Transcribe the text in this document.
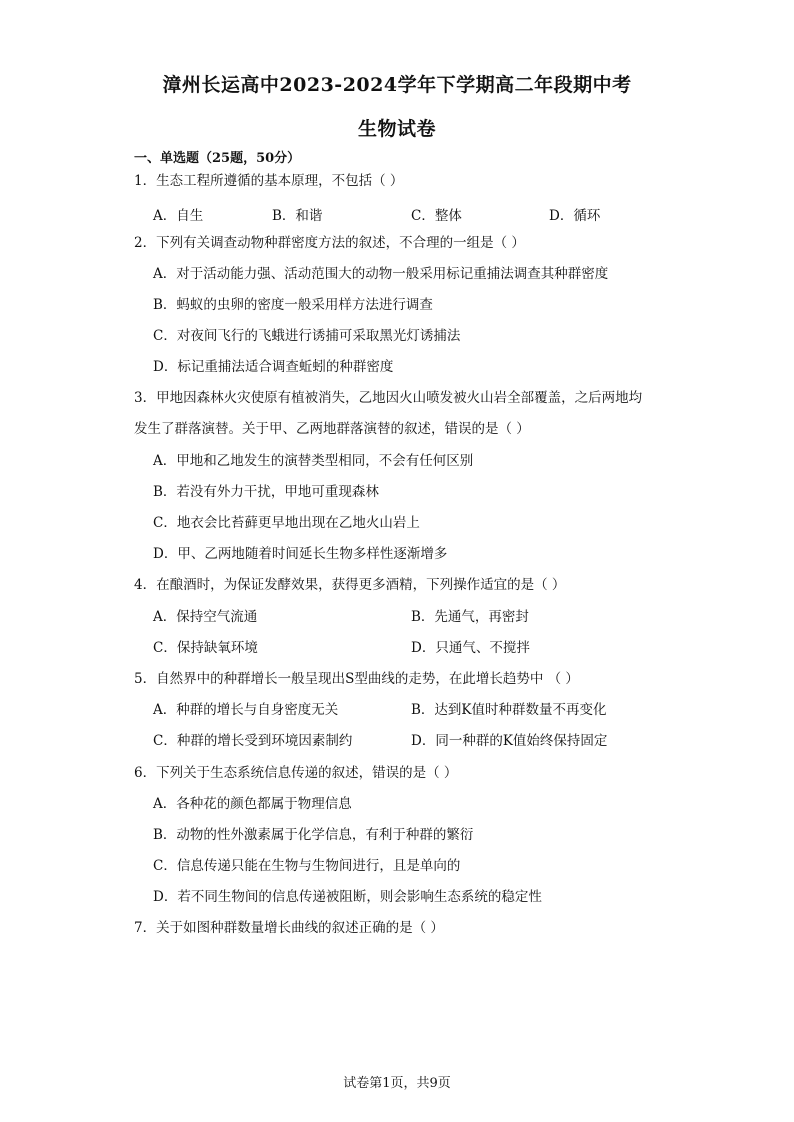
漳州长运高中2023-2024学年下学期高二年段期中考
生物试卷
一、单选题（25题，50分）
1．生态工程所遵循的基本原理，不包括（ ）
A．自生	B．和谐	C．整体	D．循环
2．下列有关调查动物种群密度方法的叙述，不合理的一组是（ ）
A．对于活动能力强、活动范围大的动物一般采用标记重捕法调查其种群密度
B．蚂蚁的虫卵的密度一般采用样方法进行调查
C．对夜间飞行的飞蛾进行诱捕可采取黑光灯诱捕法
D．标记重捕法适合调查蚯蚓的种群密度
3．甲地因森林火灾使原有植被消失，乙地因火山喷发被火山岩全部覆盖，之后两地均
发生了群落演替。关于甲、乙两地群落演替的叙述，错误的是（ ）
A．甲地和乙地发生的演替类型相同，不会有任何区别
B．若没有外力干扰，甲地可重现森林
C．地衣会比苔藓更早地出现在乙地火山岩上
D．甲、乙两地随着时间延长生物多样性逐渐增多
4．在酿酒时，为保证发酵效果，获得更多酒精，下列操作适宜的是（ ）
A．保持空气流通	B．先通气，再密封
C．保持缺氧环境	D．只通气、不搅拌
5．自然界中的种群增长一般呈现出S型曲线的走势，在此增长趋势中 （ ）
A．种群的增长与自身密度无关	B．达到K值时种群数量不再变化
C．种群的增长受到环境因素制约	D．同一种群的K值始终保持固定
6．下列关于生态系统信息传递的叙述，错误的是（ ）
A．各种花的颜色都属于物理信息
B．动物的性外激素属于化学信息，有利于种群的繁衍
C．信息传递只能在生物与生物间进行，且是单向的
D．若不同生物间的信息传递被阻断，则会影响生态系统的稳定性
7．关于如图种群数量增长曲线的叙述正确的是（ ）
试卷第1页，共9页
